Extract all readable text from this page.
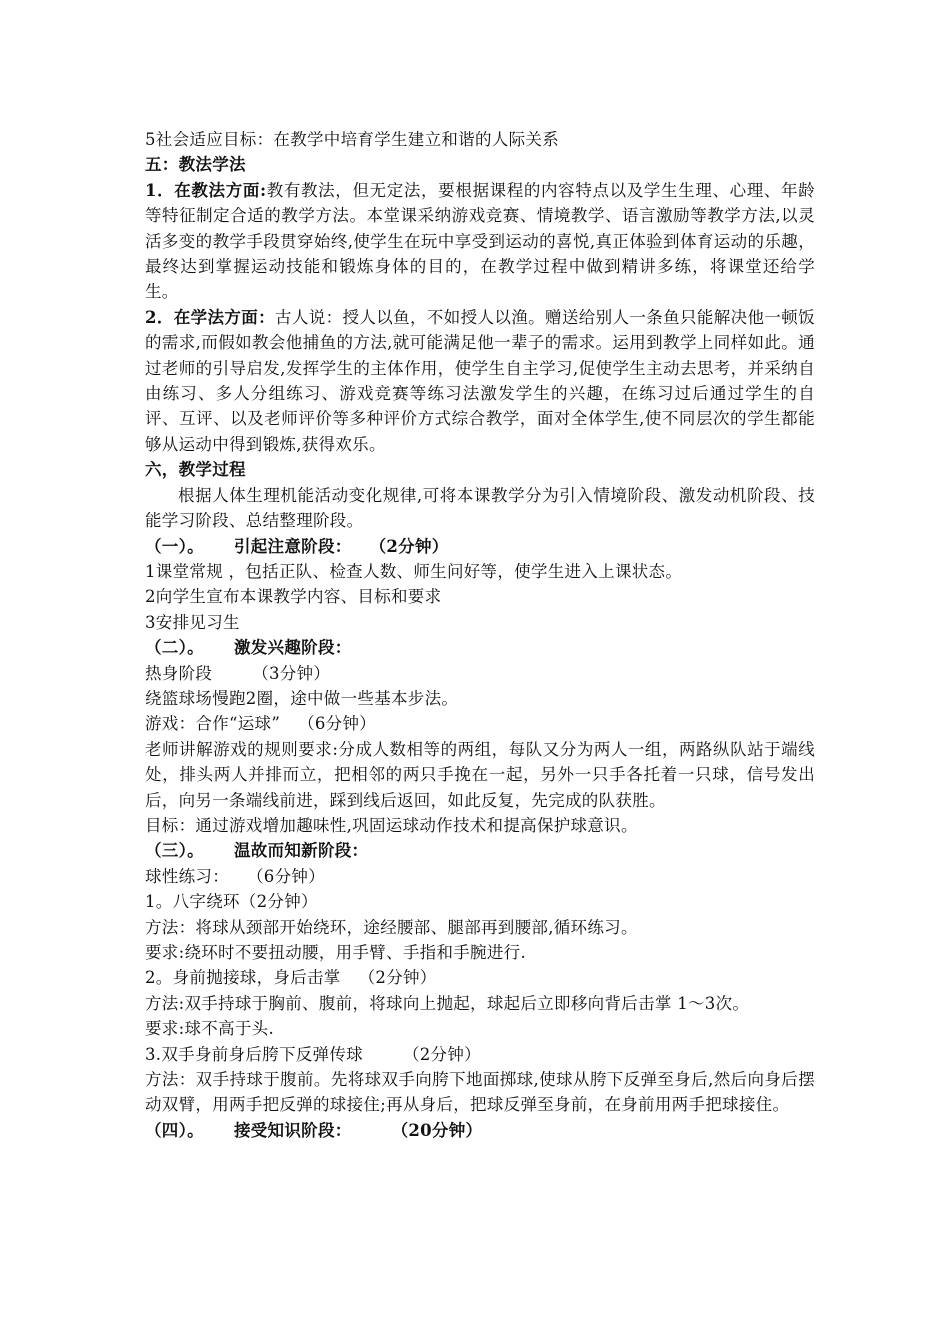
5社会适应目标：在教学中培育学生建立和谐的人际关系

五：教法学法

1．在教法方面:教有教法，但无定法，要根据课程的内容特点以及学生生理、心理、年龄等特征制定合适的教学方法。本堂课采纳游戏竞赛、情境教学、语言激励等教学方法,以灵活多变的教学手段贯穿始终,使学生在玩中享受到运动的喜悦,真正体验到体育运动的乐趣，最终达到掌握运动技能和锻炼身体的目的，在教学过程中做到精讲多练，将课堂还给学生。

2．在学法方面：古人说：授人以鱼，不如授人以渔。赠送给别人一条鱼只能解决他一顿饭的需求,而假如教会他捕鱼的方法,就可能满足他一辈子的需求。运用到教学上同样如此。通过老师的引导启发,发挥学生的主体作用，使学生自主学习,促使学生主动去思考，并采纳自由练习、多人分组练习、游戏竞赛等练习法激发学生的兴趣，在练习过后通过学生的自评、互评、以及老师评价等多种评价方式综合教学，面对全体学生,使不同层次的学生都能够从运动中得到锻炼,获得欢乐。

六，教学过程

根据人体生理机能活动变化规律,可将本课教学分为引入情境阶段、激发动机阶段、技能学习阶段、总结整理阶段。

（一）。 引起注意阶段： （2分钟）

1课堂常规 ，包括正队、检查人数、师生问好等，使学生进入上课状态。

2向学生宣布本课教学内容、目标和要求

3安排见习生

（二）。 激发兴趣阶段：

热身阶段 （3分钟）

绕篮球场慢跑2圈，途中做一些基本步法。

游戏：合作“运球” （6分钟）

老师讲解游戏的规则要求:分成人数相等的两组，每队又分为两人一组，两路纵队站于端线处，排头两人并排而立，把相邻的两只手挽在一起，另外一只手各托着一只球，信号发出后，向另一条端线前进，踩到线后返回，如此反复，先完成的队获胜。

目标：通过游戏增加趣味性,巩固运球动作技术和提高保护球意识。

（三）。 温故而知新阶段：

球性练习： （6分钟）

1。八字绕环（2分钟）

方法：将球从颈部开始绕环，途经腰部、腿部再到腰部,循环练习。

要求:绕环时不要扭动腰，用手臂、手指和手腕进行.

2。身前抛接球，身后击掌 （2分钟）

方法:双手持球于胸前、腹前，将球向上抛起，球起后立即移向背后击掌 1～3次。

要求:球不高于头.

3.双手身前身后胯下反弹传球 （2分钟）

方法：双手持球于腹前。先将球双手向胯下地面掷球,使球从胯下反弹至身后,然后向身后摆动双臂，用两手把反弹的球接住;再从身后，把球反弹至身前，在身前用两手把球接住。

（四）。 接受知识阶段： （20分钟）
